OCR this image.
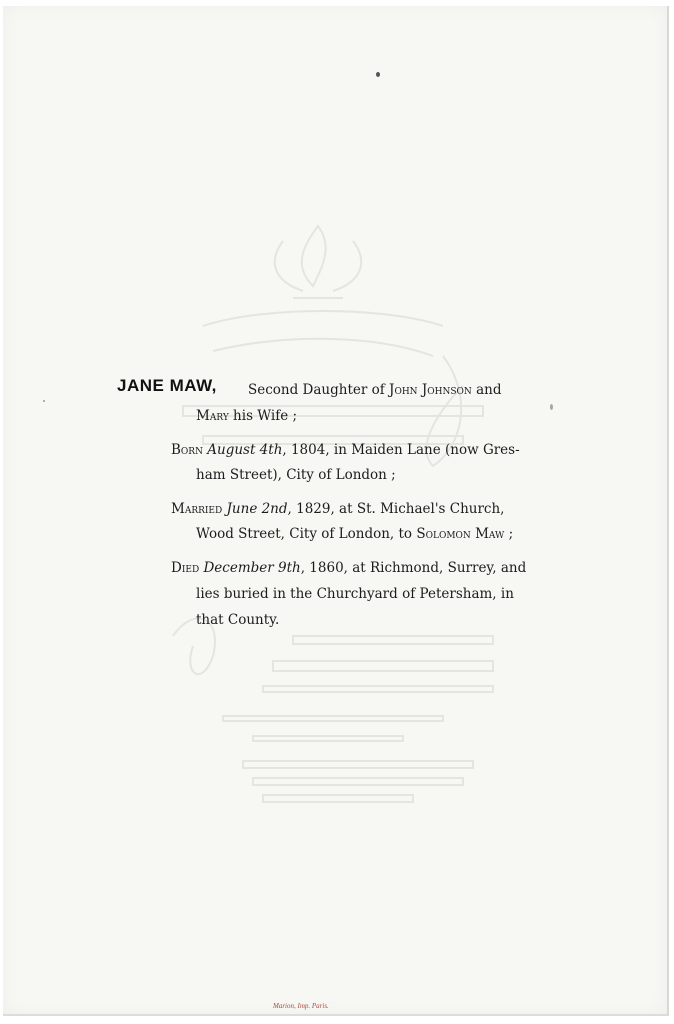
JANE MAW, Second Daughter of John Johnson and
Mary his Wife ;
Born August 4th, 1804, in Maiden Lane (now Gres-
ham Street), City of London ;
Married June 2nd, 1829, at St. Michael's Church,
Wood Street, City of London, to Solomon Maw ;
Died December 9th, 1860, at Richmond, Surrey, and
lies buried in the Churchyard of Petersham, in
that County.
Marion, Imp. Paris.
